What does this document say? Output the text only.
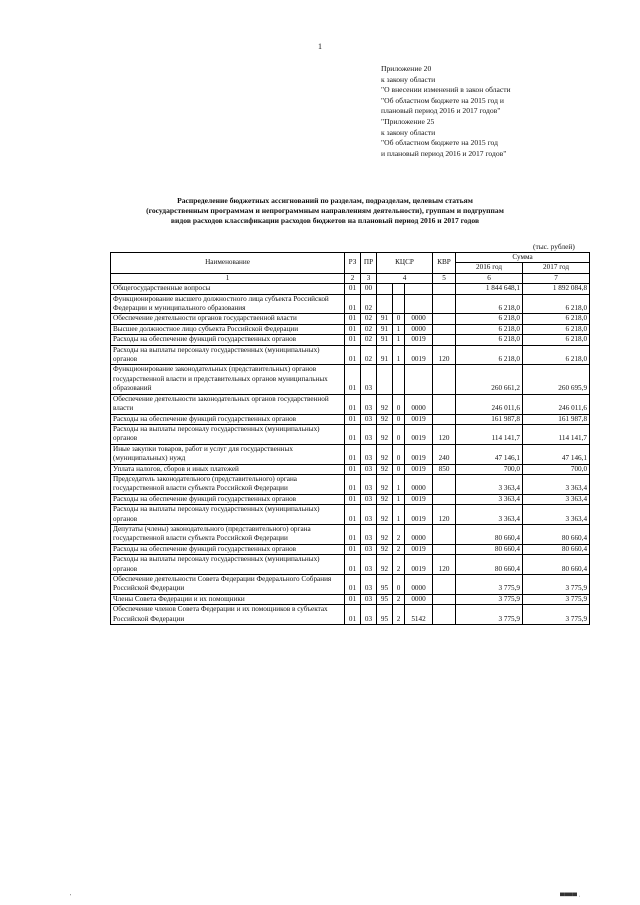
1
Приложение 20
к закону области
"О внесении изменений в закон области
"Об областном бюджете на 2015 год и
плановый период 2016 и 2017 годов"
"Приложение 25
к закону области
"Об областном бюджете на 2015 год
и плановый период 2016 и 2017 годов"
Распределение бюджетных ассигнований по разделам, подразделам, целевым статьям
(государственным программам и непрограммным направлениям деятельности), группам и подгруппам
видов расходов классификации расходов бюджетов на плановый период 2016 и 2017 годов
(тыс. рублей)
Наименование	РЗ	ПР	КЦСР			КВР	Сумма	
							2016 год	2017 год
1	2	3	4			5	6	7
Общегосударственные вопросы	01	00					1 844 648,1	1 892 084,8
Функционирование высшего должностного лица субъекта Российской Федерации и муниципального образования	01	02					6 218,0	6 218,0
Обеспечение деятельности органов государственной власти	01	02	91	0	0000		6 218,0	6 218,0
Высшее должностное лицо субъекта Российской Федерации	01	02	91	1	0000		6 218,0	6 218,0
Расходы на обеспечение функций государственных органов	01	02	91	1	0019		6 218,0	6 218,0
Расходы на выплаты персоналу государственных (муниципальных) органов	01	02	91	1	0019	120	6 218,0	6 218,0
Функционирование законодательных (представительных) органов государственной власти и представительных органов муниципальных образований	01	03					260 661,2	260 695,9
Обеспечение деятельности законодательных органов государственной власти	01	03	92	0	0000		246 011,6	246 011,6
Расходы на обеспечение функций государственных органов	01	03	92	0	0019		161 987,8	161 987,8
Расходы на выплаты персоналу государственных (муниципальных) органов	01	03	92	0	0019	120	114 141,7	114 141,7
Иные закупки товаров, работ и услуг для государственных (муниципальных) нужд	01	03	92	0	0019	240	47 146,1	47 146,1
Уплата налогов, сборов и иных платежей	01	03	92	0	0019	850	700,0	700,0
Председатель законодательного (представительного) органа государственной власти субъекта Российской Федерации	01	03	92	1	0000		3 363,4	3 363,4
Расходы на обеспечение функций государственных органов	01	03	92	1	0019		3 363,4	3 363,4
Расходы на выплаты персоналу государственных (муниципальных) органов	01	03	92	1	0019	120	3 363,4	3 363,4
Депутаты (члены) законодательного (представительного) органа государственной власти субъекта Российской Федерации	01	03	92	2	0000		80 660,4	80 660,4
Расходы на обеспечение функций государственных органов	01	03	92	2	0019		80 660,4	80 660,4
Расходы на выплаты персоналу государственных (муниципальных) органов	01	03	92	2	0019	120	80 660,4	80 660,4
Обеспечение деятельности Совета Федерации Федерального Собрания Российской Федерации	01	03	95	0	0000		3 775,9	3 775,9
Члены Совета Федерации и их помощники	01	03	95	2	0000		3 775,9	3 775,9
Обеспечение членов Совета Федерации и их помощников в субъектах Российской Федерации	01	03	95	2	5142		3 775,9	3 775,9
'	▀▀▀▀ ·
